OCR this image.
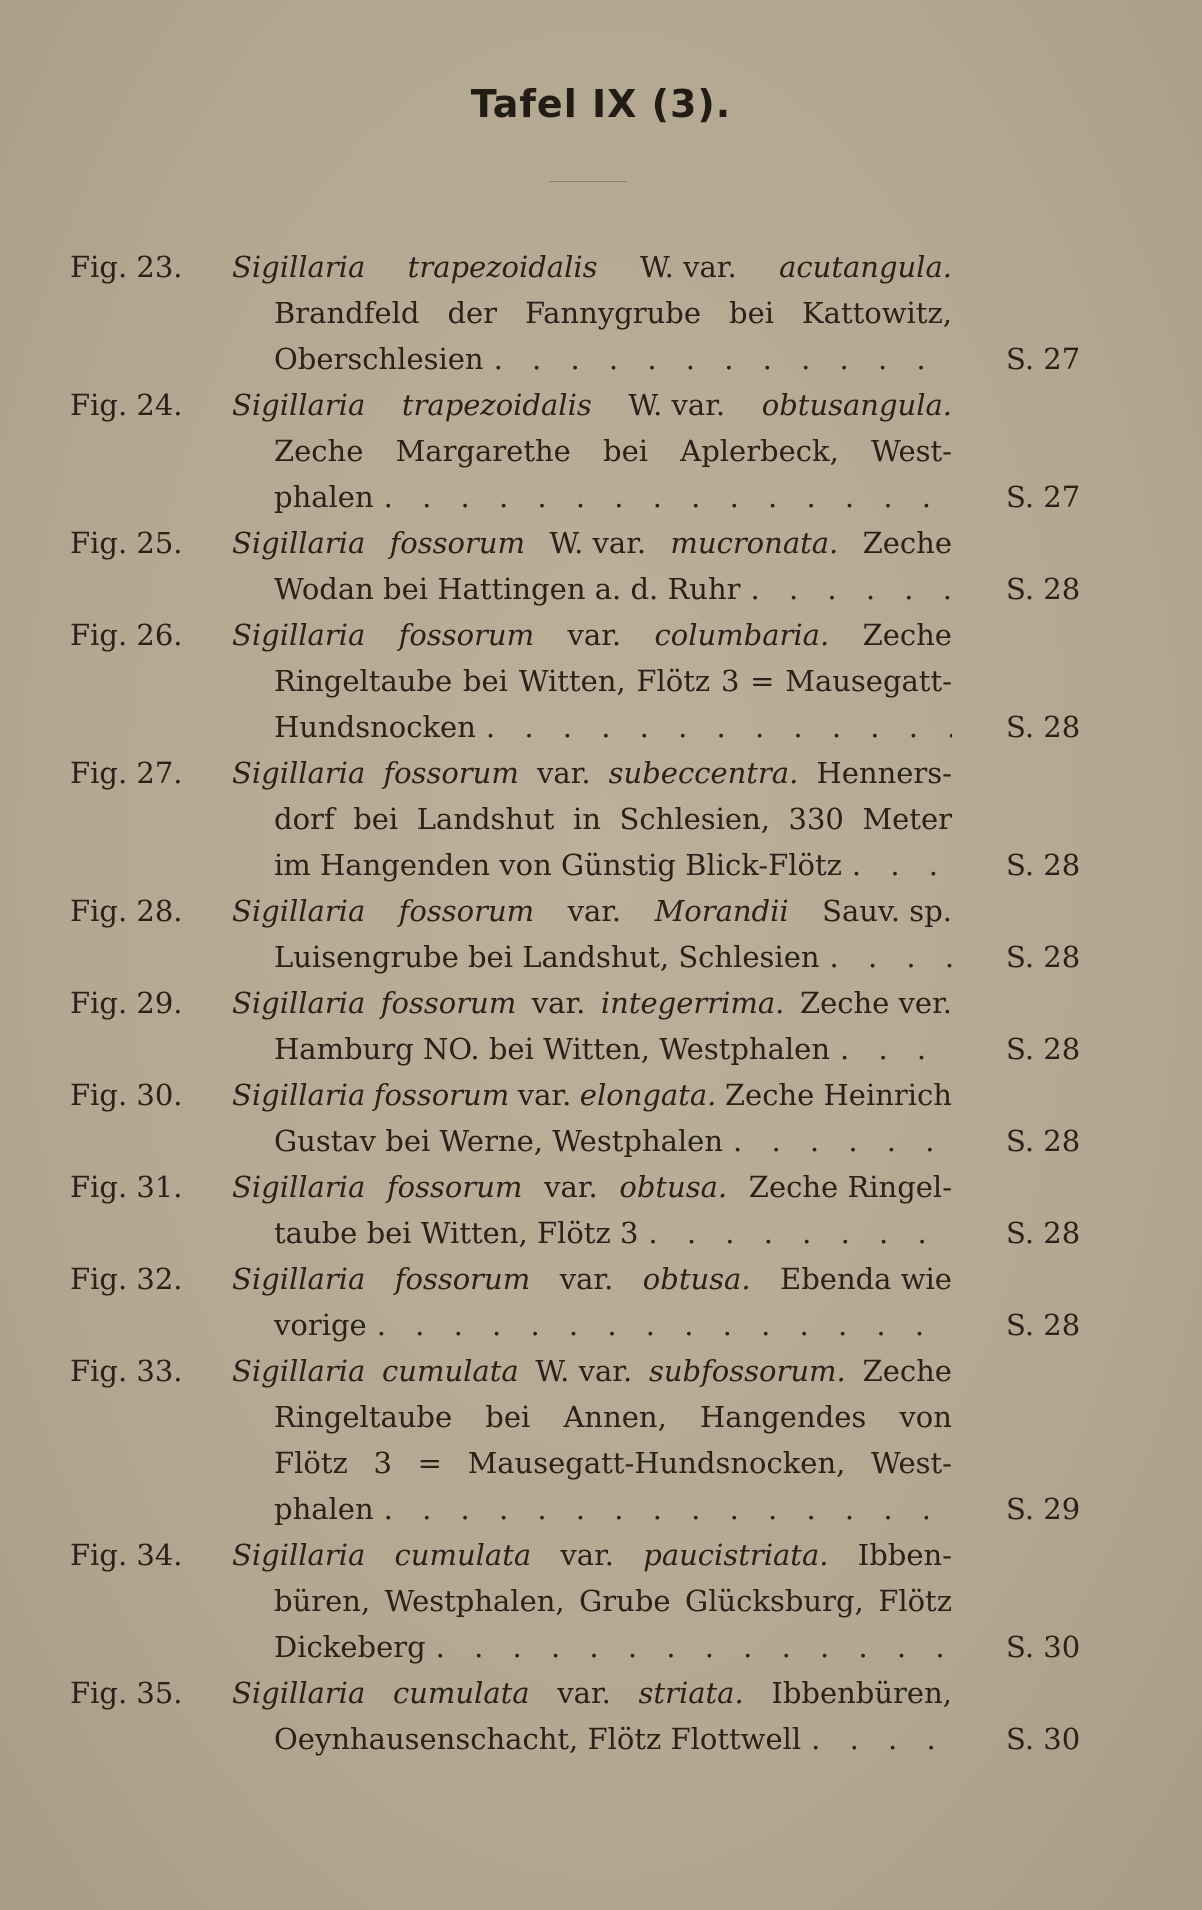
Tafel IX (3).
Fig. 23.	Sigillaria trapezoidalis W. var. acutangula.
Brandfeld der Fannygrube bei Kattowitz,
Oberschlesien . . .	S. 27
Fig. 24.	Sigillaria trapezoidalis W. var. obtusangula.
Zeche Margarethe bei Aplerbeck, West-
phalen . . .	S. 27
Fig. 25.	Sigillaria fossorum W. var. mucronata. Zeche
Wodan bei Hattingen a. d. Ruhr . . .	S. 28
Fig. 26.	Sigillaria fossorum var. columbaria. Zeche
Ringeltaube bei Witten, Flötz 3 = Mausegatt-
Hundsnocken . . .	S. 28
Fig. 27.	Sigillaria fossorum var. subeccentra. Henners-
dorf bei Landshut in Schlesien, 330 Meter
im Hangenden von Günstig Blick-Flötz . . .	S. 28
Fig. 28.	Sigillaria fossorum var. Morandii Sauv. sp.
Luisengrube bei Landshut, Schlesien . . .	S. 28
Fig. 29.	Sigillaria fossorum var. integerrima. Zeche ver.
Hamburg NO. bei Witten, Westphalen . . .	S. 28
Fig. 30.	Sigillaria fossorum var. elongata. Zeche Heinrich
Gustav bei Werne, Westphalen . . .	S. 28
Fig. 31.	Sigillaria fossorum var. obtusa. Zeche Ringel-
taube bei Witten, Flötz 3 . . .	S. 28
Fig. 32.	Sigillaria fossorum var. obtusa. Ebenda wie
vorige . . .	S. 28
Fig. 33.	Sigillaria cumulata W. var. subfossorum. Zeche
Ringeltaube bei Annen, Hangendes von
Flötz 3 = Mausegatt-Hundsnocken, West-
phalen . . .	S. 29
Fig. 34.	Sigillaria cumulata var. paucistriata. Ibben-
büren, Westphalen, Grube Glücksburg, Flötz
Dickeberg . . .	S. 30
Fig. 35.	Sigillaria cumulata var. striata. Ibbenbüren,
Oeynhausenschacht, Flötz Flottwell . . .	S. 30
